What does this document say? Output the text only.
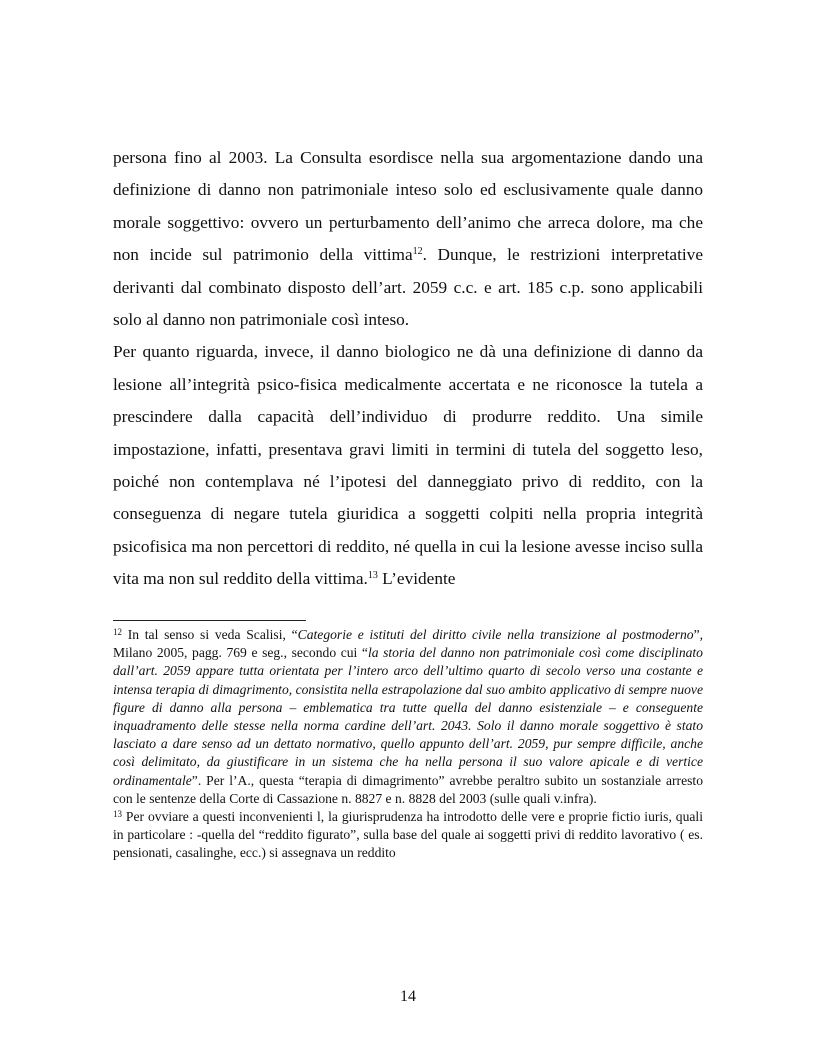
persona fino al 2003. La Consulta esordisce nella sua argomentazione dando una definizione di danno non patrimoniale inteso solo ed esclusivamente quale danno morale soggettivo: ovvero un perturbamento dell’animo che arreca dolore, ma che non incide sul patrimonio della vittima$^{12}$. Dunque, le restrizioni interpretative derivanti dal combinato disposto dell’art. 2059 c.c. e art. 185 c.p. sono applicabili solo al danno non patrimoniale così inteso.

Per quanto riguarda, invece, il danno biologico ne dà una definizione di danno da lesione all’integrità psico-fisica medicalmente accertata e ne riconosce la tutela a prescindere dalla capacità dell’individuo di produrre reddito. Una simile impostazione, infatti, presentava gravi limiti in termini di tutela del soggetto leso, poiché non contemplava né l’ipotesi del danneggiato privo di reddito, con la conseguenza di negare tutela giuridica a soggetti colpiti nella propria integrità psicofisica ma non percettori di reddito, né quella in cui la lesione avesse inciso sulla vita ma non sul reddito della vittima.$^{13}$ L’evidente

$^{12}$ In tal senso si veda Scalisi, “Categorie e istituti del diritto civile nella transizione al postmoderno”, Milano 2005, pagg. 769 e seg., secondo cui “la storia del danno non patrimoniale così come disciplinato dall’art. 2059 appare tutta orientata per l’intero arco dell’ultimo quarto di secolo verso una costante e intensa terapia di dimagrimento, consistita nella estrapolazione dal suo ambito applicativo di sempre nuove figure di danno alla persona – emblematica tra tutte quella del danno esistenziale – e conseguente inquadramento delle stesse nella norma cardine dell’art. 2043. Solo il danno morale soggettivo è stato lasciato a dare senso ad un dettato normativo, quello appunto dell’art. 2059, pur sempre difficile, anche così delimitato, da giustificare in un sistema che ha nella persona il suo valore apicale e di vertice ordinamentale”. Per l’A., questa “terapia di dimagrimento” avrebbe peraltro subito un sostanziale arresto con le sentenze della Corte di Cassazione n. 8827 e n. 8828 del 2003 (sulle quali v.infra).

$^{13}$ Per ovviare a questi inconvenienti l, la giurisprudenza ha introdotto delle vere e proprie fictio iuris, quali in particolare : -quella del “reddito figurato”, sulla base del quale ai soggetti privi di reddito lavorativo ( es. pensionati, casalinghe, ecc.) si assegnava un reddito

14
